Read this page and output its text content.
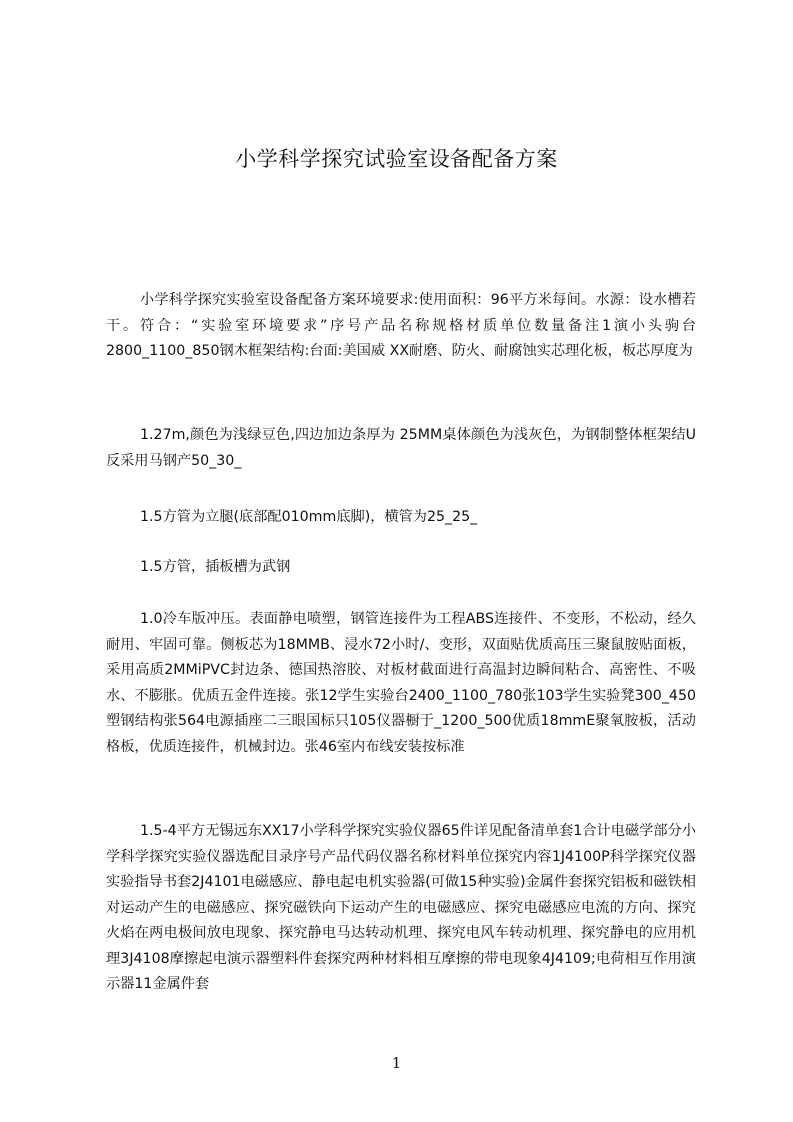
小学科学探究试验室设备配备方案
小学科学探究实验室设备配备方案环境要求:使用面积：96平方米每间。水源：设水槽若干。符合：“实验室环境要求”序号产品名称规格材质单位数量备注1演小头驹台2800_1100_850钢木框架结构:台面:美国威 XX耐磨、防火、耐腐蚀实芯理化板，板芯厚度为
1.27m,颜色为浅绿豆色,四边加边条厚为 25MM桌体颜色为浅灰色，为钢制整体框架结U反采用马钢产50_30_
1.5方管为立腿(底部配010mm底脚)，横管为25_25_
1.5方管，插板槽为武钢
1.0冷车版冲压。表面静电喷塑，钢管连接件为工程ABS连接件、不变形，不松动，经久耐用、牢固可靠。侧板芯为18MMB、浸水72小时/、变形，双面贴优质高压三聚鼠胺贴面板，采用高质2MMiPVC封边条、德国热溶胶、对板材截面进行高温封边瞬间粘合、高密性、不吸水、不膨胀。优质五金件连接。张12学生实验台2400_1100_780张103学生实验凳300_450塑钢结构张564电源插座二三眼国标只105仪器橱于_1200_500优质18mmE聚氧胺板，活动格板，优质连接件，机械封边。张46室内布线安装按标准
1.5-4平方无锡远东XX17小学科学探究实验仪器65件详见配备清单套1合计电磁学部分小学科学探究实验仪器选配目录序号产品代码仪器名称材料单位探究内容1J4100P科学探究仪器实验指导书套2J4101电磁感应、静电起电机实验器(可做15种实验)金属件套探究铝板和磁铁相对运动产生的电磁感应、探究磁铁向下运动产生的电磁感应、探究电磁感应电流的方向、探究火焰在两电极间放电现象、探究静电马达转动机理、探究电风车转动机理、探究静电的应用机理3J4108摩擦起电演示器塑料件套探究两种材料相互摩擦的带电现象4J4109;电荷相互作用演示器11金属件套
1
